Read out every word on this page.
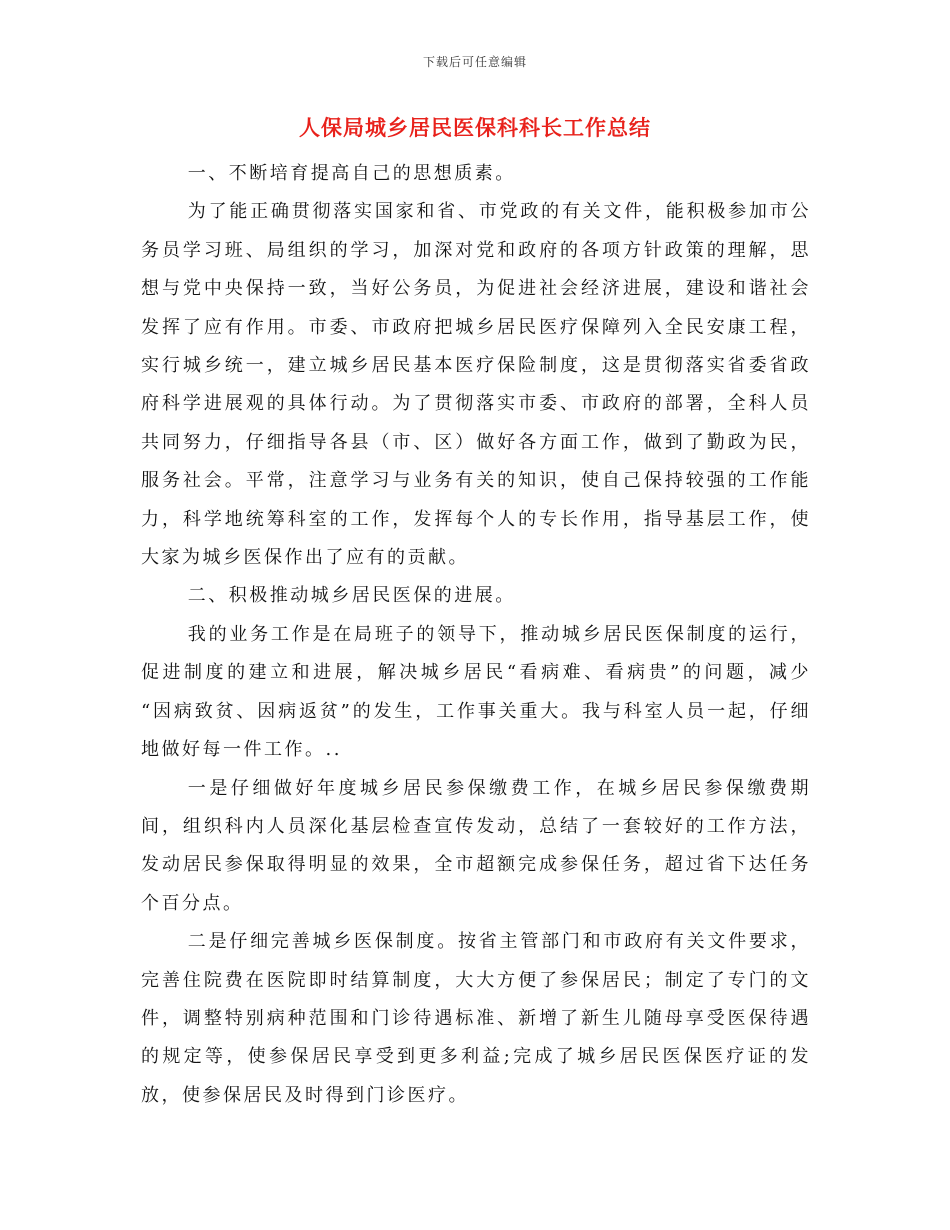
下载后可任意编辑
人保局城乡居民医保科科长工作总结

一、不断培育提高自己的思想质素。

为了能正确贯彻落实国家和省、市党政的有关文件，能积极参加市公务员学习班、局组织的学习，加深对党和政府的各项方针政策的理解，思想与党中央保持一致，当好公务员，为促进社会经济进展，建设和谐社会发挥了应有作用。市委、市政府把城乡居民医疗保障列入全民安康工程，实行城乡统一，建立城乡居民基本医疗保险制度，这是贯彻落实省委省政府科学进展观的具体行动。为了贯彻落实市委、市政府的部署，全科人员共同努力，仔细指导各县（市、区）做好各方面工作，做到了勤政为民，服务社会。平常，注意学习与业务有关的知识，使自己保持较强的工作能力，科学地统筹科室的工作，发挥每个人的专长作用，指导基层工作，使大家为城乡医保作出了应有的贡献。

二、积极推动城乡居民医保的进展。

我的业务工作是在局班子的领导下，推动城乡居民医保制度的运行，促进制度的建立和进展，解决城乡居民“看病难、看病贵”的问题，减少 “因病致贫、因病返贫”的发生，工作事关重大。我与科室人员一起，仔细地做好每一件工作。..

一是仔细做好年度城乡居民参保缴费工作，在城乡居民参保缴费期间，组织科内人员深化基层检查宣传发动，总结了一套较好的工作方法，发动居民参保取得明显的效果，全市超额完成参保任务，超过省下达任务个百分点。

二是仔细完善城乡医保制度。按省主管部门和市政府有关文件要求，完善住院费在医院即时结算制度，大大方便了参保居民；制定了专门的文件，调整特别病种范围和门诊待遇标准、新增了新生儿随母享受医保待遇的规定等，使参保居民享受到更多利益;完成了城乡居民医保医疗证的发放，使参保居民及时得到门诊医疗。
